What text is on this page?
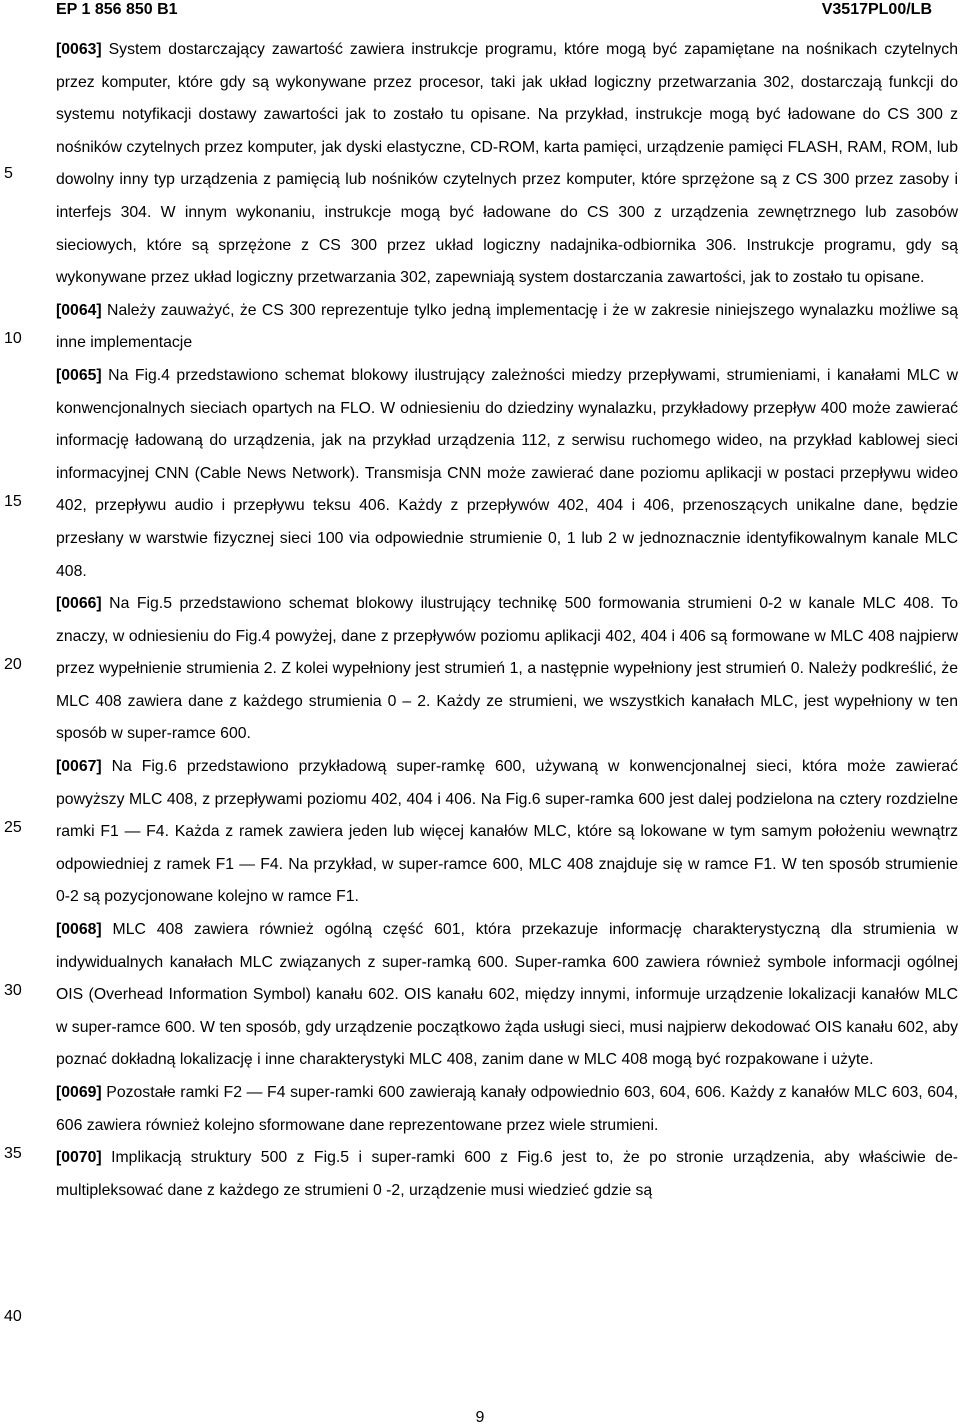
EP 1 856 850 B1	V3517PL00/LB
5
10
15
20
25
30
35
40

[0063] System dostarczający zawartość zawiera instrukcje programu, które mogą być zapamiętane na nośnikach czytelnych przez komputer, które gdy są wykonywane przez procesor, taki jak układ logiczny przetwarzania 302, dostarczają funkcji do systemu notyfikacji dostawy zawartości jak to zostało tu opisane. Na przykład, instrukcje mogą być ładowane do CS 300 z nośników czytelnych przez komputer, jak dyski elastyczne, CD-ROM, karta pamięci, urządzenie pamięci FLASH, RAM, ROM, lub dowolny inny typ urządzenia z pamięcią lub nośników czytelnych przez komputer, które sprzężone są z CS 300 przez zasoby i interfejs 304. W innym wykonaniu, instrukcje mogą być ładowane do CS 300 z urządzenia zewnętrznego lub zasobów sieciowych, które są sprzężone z CS 300 przez układ logiczny nadajnika-odbiornika 306. Instrukcje programu, gdy są wykonywane przez układ logiczny przetwarzania 302, zapewniają system dostarczania zawartości, jak to zostało tu opisane.

[0064] Należy zauważyć, że CS 300 reprezentuje tylko jedną implementację i że w zakresie niniejszego wynalazku możliwe są inne implementacje

[0065] Na Fig.4 przedstawiono schemat blokowy ilustrujący zależności miedzy przepływami, strumieniami, i kanałami MLC w konwencjonalnych sieciach opartych na FLO. W odniesieniu do dziedziny wynalazku, przykładowy przepływ 400 może zawierać informację ładowaną do urządzenia, jak na przykład urządzenia 112, z serwisu ruchomego wideo, na przykład kablowej sieci informacyjnej CNN (Cable News Network). Transmisja CNN może zawierać dane poziomu aplikacji w postaci przepływu wideo 402, przepływu audio i przepływu teksu 406. Każdy z przepływów 402, 404 i 406, przenoszących unikalne dane, będzie przesłany w warstwie fizycznej sieci 100 via odpowiednie strumienie 0, 1 lub 2 w jednoznacznie identyfikowalnym kanale MLC 408.

[0066] Na Fig.5 przedstawiono schemat blokowy ilustrujący technikę 500 formowania strumieni 0-2 w kanale MLC 408. To znaczy, w odniesieniu do Fig.4 powyżej, dane z przepływów poziomu aplikacji 402, 404 i 406 są formowane w MLC 408 najpierw przez wypełnienie strumienia 2. Z kolei wypełniony jest strumień 1, a następnie wypełniony jest strumień 0. Należy podkreślić, że MLC 408 zawiera dane z każdego strumienia 0 – 2. Każdy ze strumieni, we wszystkich kanałach MLC, jest wypełniony w ten sposób w super-ramce 600.

[0067] Na Fig.6 przedstawiono przykładową super-ramkę 600, używaną w konwencjonalnej sieci, która może zawierać powyższy MLC 408, z przepływami poziomu 402, 404 i 406. Na Fig.6 super-ramka 600 jest dalej podzielona na cztery rozdzielne ramki F1 — F4. Każda z ramek zawiera jeden lub więcej kanałów MLC, które są lokowane w tym samym położeniu wewnątrz odpowiedniej z ramek F1 — F4. Na przykład, w super-ramce 600, MLC 408 znajduje się w ramce F1. W ten sposób strumienie 0-2 są pozycjonowane kolejno w ramce F1.

[0068] MLC 408 zawiera również ogólną część 601, która przekazuje informację charakterystyczną dla strumienia w indywidualnych kanałach MLC związanych z super-ramką 600. Super-ramka 600 zawiera również symbole informacji ogólnej OIS (Overhead Information Symbol) kanału 602. OIS kanału 602, między innymi, informuje urządzenie lokalizacji kanałów MLC w super-ramce 600. W ten sposób, gdy urządzenie początkowo żąda usługi sieci, musi najpierw dekodować OIS kanału 602, aby poznać dokładną lokalizację i inne charakterystyki MLC 408, zanim dane w MLC 408 mogą być rozpakowane i użyte.

[0069] Pozostałe ramki F2 — F4 super-ramki 600 zawierają kanały odpowiednio 603, 604, 606. Każdy z kanałów MLC 603, 604, 606 zawiera również kolejno sformowane dane reprezentowane przez wiele strumieni.

[0070] Implikacją struktury 500 z Fig.5 i super-ramki 600 z Fig.6 jest to, że po stronie urządzenia, aby właściwie de-multipleksować dane z każdego ze strumieni 0 -2, urządzenie musi wiedzieć gdzie są

9
